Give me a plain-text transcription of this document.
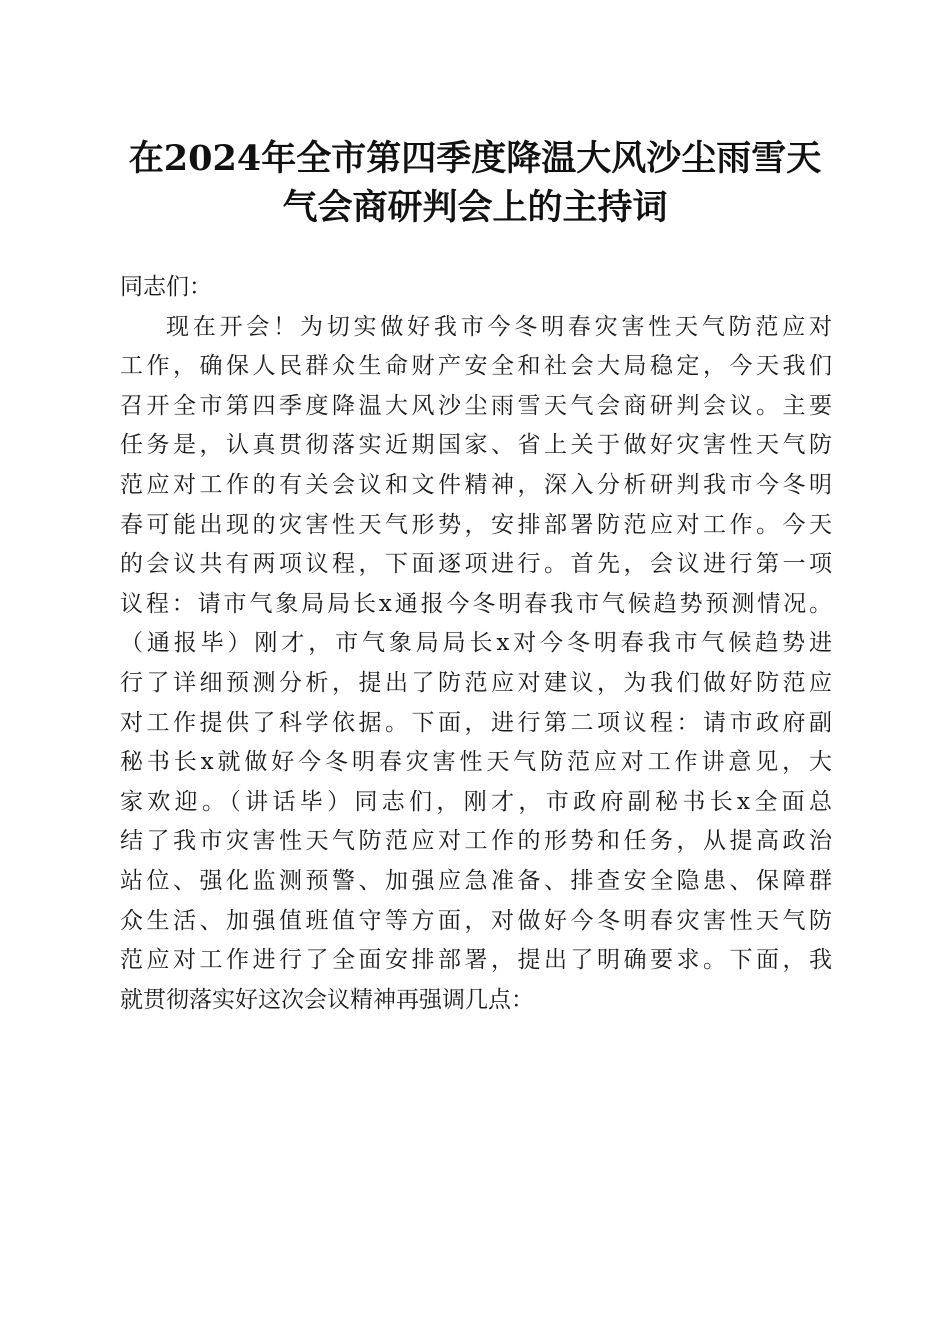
在2024年全市第四季度降温大风沙尘雨雪天
气会商研判会上的主持词
同志们：
现在开会！为切实做好我市今冬明春灾害性天气防范应对
工作，确保人民群众生命财产安全和社会大局稳定，今天我们
召开全市第四季度降温大风沙尘雨雪天气会商研判会议。主要
任务是，认真贯彻落实近期国家、省上关于做好灾害性天气防
范应对工作的有关会议和文件精神，深入分析研判我市今冬明
春可能出现的灾害性天气形势，安排部署防范应对工作。今天
的会议共有两项议程，下面逐项进行。首先，会议进行第一项
议程：请市气象局局长x通报今冬明春我市气候趋势预测情况。
（通报毕）刚才，市气象局局长x对今冬明春我市气候趋势进
行了详细预测分析，提出了防范应对建议，为我们做好防范应
对工作提供了科学依据。下面，进行第二项议程：请市政府副
秘书长x就做好今冬明春灾害性天气防范应对工作讲意见，大
家欢迎。（讲话毕）同志们，刚才，市政府副秘书长x全面总
结了我市灾害性天气防范应对工作的形势和任务，从提高政治
站位、强化监测预警、加强应急准备、排查安全隐患、保障群
众生活、加强值班值守等方面，对做好今冬明春灾害性天气防
范应对工作进行了全面安排部署，提出了明确要求。下面，我
就贯彻落实好这次会议精神再强调几点：
